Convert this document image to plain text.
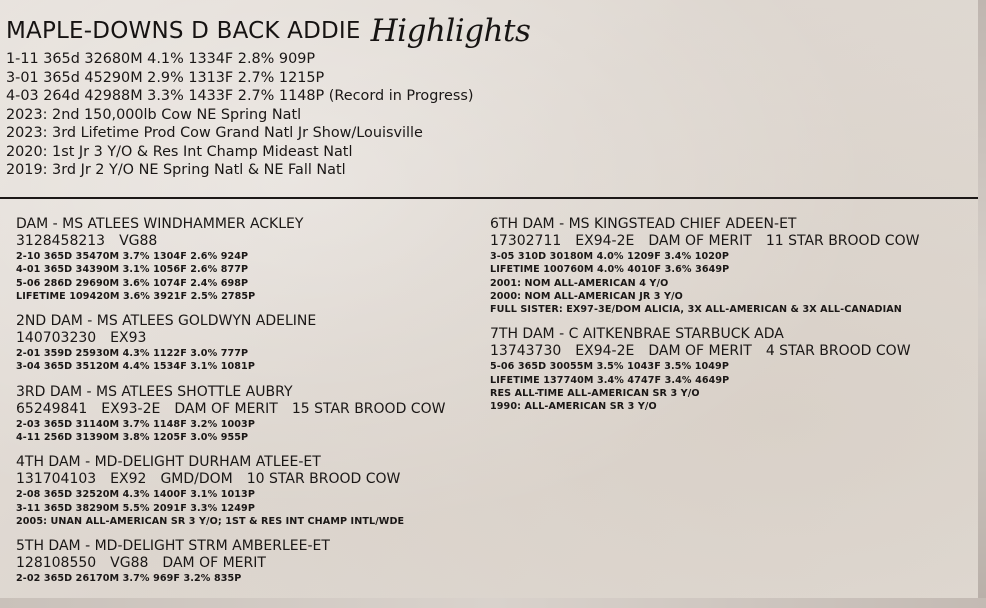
MAPLE-DOWNS D BACK ADDIE Highlights
1-11 365d 32680M 4.1% 1334F 2.8% 909P
3-01 365d 45290M 2.9% 1313F 2.7% 1215P
4-03 264d 42988M 3.3% 1433F 2.7% 1148P (Record in Progress)
2023: 2nd 150,000lb Cow NE Spring Natl
2023: 3rd Lifetime Prod Cow Grand Natl Jr Show/Louisville
2020: 1st Jr 3 Y/O & Res Int Champ Mideast Natl
2019: 3rd Jr 2 Y/O NE Spring Natl & NE Fall Natl
DAM - MS ATLEES WINDHAMMER ACKLEY
3128458213 VG88
2-10 365D 35470M 3.7% 1304F 2.6% 924P
4-01 365D 34390M 3.1% 1056F 2.6% 877P
5-06 286D 29690M 3.6% 1074F 2.4% 698P
LIFETIME 109420M 3.6% 3921F 2.5% 2785P
2ND DAM - MS ATLEES GOLDWYN ADELINE
140703230 EX93
2-01 359D 25930M 4.3% 1122F 3.0% 777P
3-04 365D 35120M 4.4% 1534F 3.1% 1081P
3RD DAM - MS ATLEES SHOTTLE AUBRY
65249841 EX93-2E DAM OF MERIT 15 STAR BROOD COW
2-03 365D 31140M 3.7% 1148F 3.2% 1003P
4-11 256D 31390M 3.8% 1205F 3.0% 955P
4TH DAM - MD-DELIGHT DURHAM ATLEE-ET
131704103 EX92 GMD/DOM 10 STAR BROOD COW
2-08 365D 32520M 4.3% 1400F 3.1% 1013P
3-11 365D 38290M 5.5% 2091F 3.3% 1249P
2005: UNAN ALL-AMERICAN SR 3 Y/O; 1ST & RES INT CHAMP INTL/WDE
5TH DAM - MD-DELIGHT STRM AMBERLEE-ET
128108550 VG88 DAM OF MERIT
2-02 365D 26170M 3.7% 969F 3.2% 835P
6TH DAM - MS KINGSTEAD CHIEF ADEEN-ET
17302711 EX94-2E DAM OF MERIT 11 STAR BROOD COW
3-05 310D 30180M 4.0% 1209F 3.4% 1020P
LIFETIME 100760M 4.0% 4010F 3.6% 3649P
2001: NOM ALL-AMERICAN 4 Y/O
2000: NOM ALL-AMERICAN JR 3 Y/O
FULL SISTER: EX97-3E/DOM ALICIA, 3X ALL-AMERICAN & 3X ALL-CANADIAN
7TH DAM - C AITKENBRAE STARBUCK ADA
13743730 EX94-2E DAM OF MERIT 4 STAR BROOD COW
5-06 365D 30055M 3.5% 1043F 3.5% 1049P
LIFETIME 137740M 3.4% 4747F 3.4% 4649P
RES ALL-TIME ALL-AMERICAN SR 3 Y/O
1990: ALL-AMERICAN SR 3 Y/O
